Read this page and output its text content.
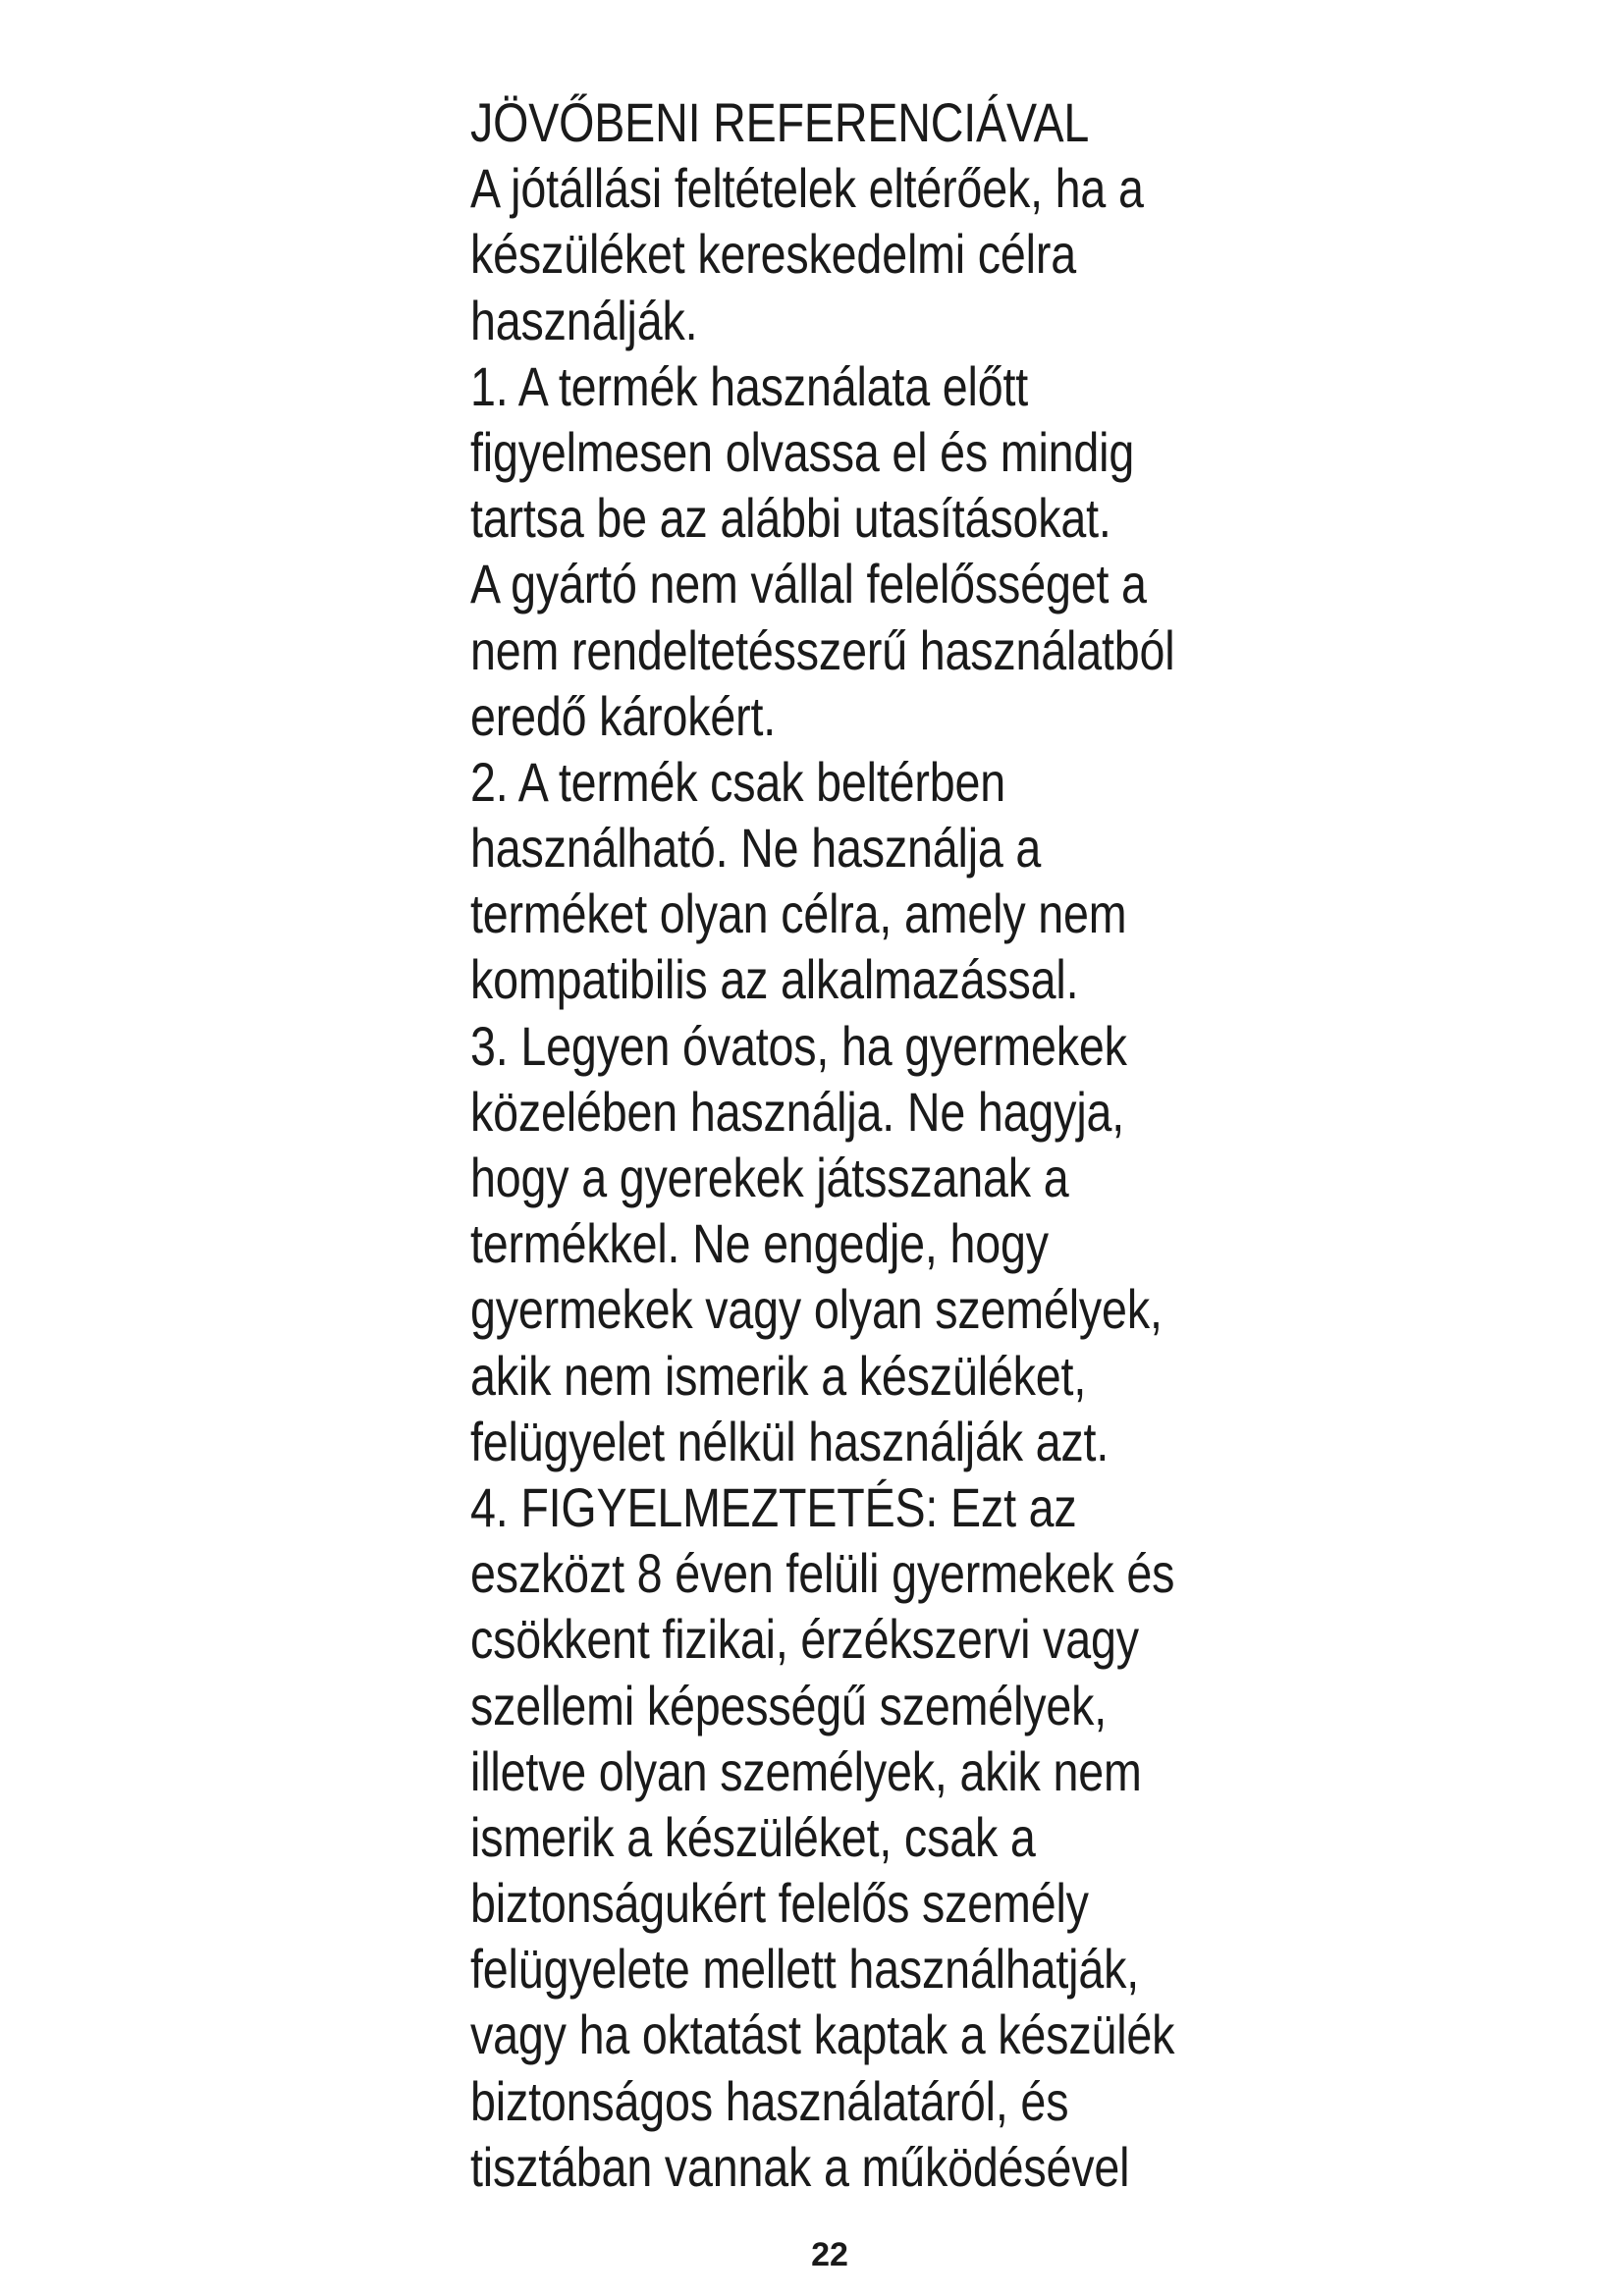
JÖVŐBENI REFERENCIÁVAL
A jótállási feltételek eltérőek, ha a
készüléket kereskedelmi célra
használják.
1. A termék használata előtt
figyelmesen olvassa el és mindig
tartsa be az alábbi utasításokat.
A gyártó nem vállal felelősséget a
nem rendeltetésszerű használatból
eredő károkért.
2. A termék csak beltérben
használható. Ne használja a
terméket olyan célra, amely nem
kompatibilis az alkalmazással.
3. Legyen óvatos, ha gyermekek
közelében használja. Ne hagyja,
hogy a gyerekek játsszanak a
termékkel. Ne engedje, hogy
gyermekek vagy olyan személyek,
akik nem ismerik a készüléket,
felügyelet nélkül használják azt.
4. FIGYELMEZTETÉS: Ezt az
eszközt 8 éven felüli gyermekek és
csökkent fizikai, érzékszervi vagy
szellemi képességű személyek,
illetve olyan személyek, akik nem
ismerik a készüléket, csak a
biztonságukért felelős személy
felügyelete mellett használhatják,
vagy ha oktatást kaptak a készülék
biztonságos használatáról, és
tisztában vannak a működésével
22
